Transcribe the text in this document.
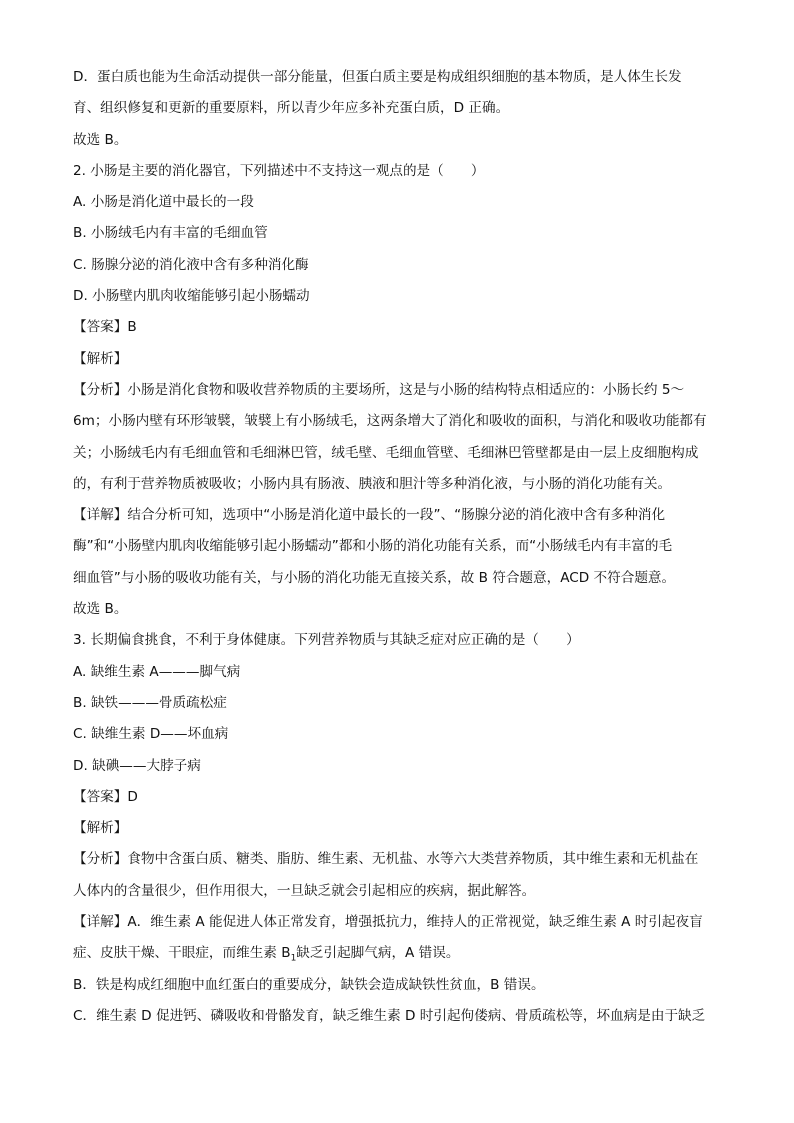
D．蛋白质也能为生命活动提供一部分能量，但蛋白质主要是构成组织细胞的基本物质，是人体生长发
育、组织修复和更新的重要原料，所以青少年应多补充蛋白质，D 正确。
故选 B。
2. 小肠是主要的消化器官，下列描述中不支持这一观点的是（　　）
A. 小肠是消化道中最长的一段
B. 小肠绒毛内有丰富的毛细血管
C. 肠腺分泌的消化液中含有多种消化酶
D. 小肠壁内肌肉收缩能够引起小肠蠕动
【答案】B
【解析】
【分析】小肠是消化食物和吸收营养物质的主要场所，这是与小肠的结构特点相适应的：小肠长约 5～
6m；小肠内壁有环形皱襞，皱襞上有小肠绒毛，这两条增大了消化和吸收的面积，与消化和吸收功能都有
关；小肠绒毛内有毛细血管和毛细淋巴管，绒毛壁、毛细血管壁、毛细淋巴管壁都是由一层上皮细胞构成
的，有利于营养物质被吸收；小肠内具有肠液、胰液和胆汁等多种消化液，与小肠的消化功能有关。
【详解】结合分析可知，选项中“小肠是消化道中最长的一段”、“肠腺分泌的消化液中含有多种消化
酶”和“小肠壁内肌肉收缩能够引起小肠蠕动”都和小肠的消化功能有关系，而“小肠绒毛内有丰富的毛
细血管”与小肠的吸收功能有关，与小肠的消化功能无直接关系，故 B 符合题意，ACD 不符合题意。
故选 B。
3. 长期偏食挑食，不利于身体健康。下列营养物质与其缺乏症对应正确的是（　　）
A. 缺维生素 A———脚气病
B. 缺铁———骨质疏松症
C. 缺维生素 D——坏血病
D. 缺碘——大脖子病
【答案】D
【解析】
【分析】食物中含蛋白质、糖类、脂肪、维生素、无机盐、水等六大类营养物质，其中维生素和无机盐在
人体内的含量很少，但作用很大，一旦缺乏就会引起相应的疾病，据此解答。
【详解】A．维生素 A 能促进人体正常发育，增强抵抗力，维持人的正常视觉，缺乏维生素 A 时引起夜盲
症、皮肤干燥、干眼症，而维生素 $B_1$缺乏引起脚气病，A 错误。
B．铁是构成红细胞中血红蛋白的重要成分，缺铁会造成缺铁性贫血，B 错误。
C．维生素 D 促进钙、磷吸收和骨骼发育，缺乏维生素 D 时引起佝偻病、骨质疏松等，坏血病是由于缺乏
